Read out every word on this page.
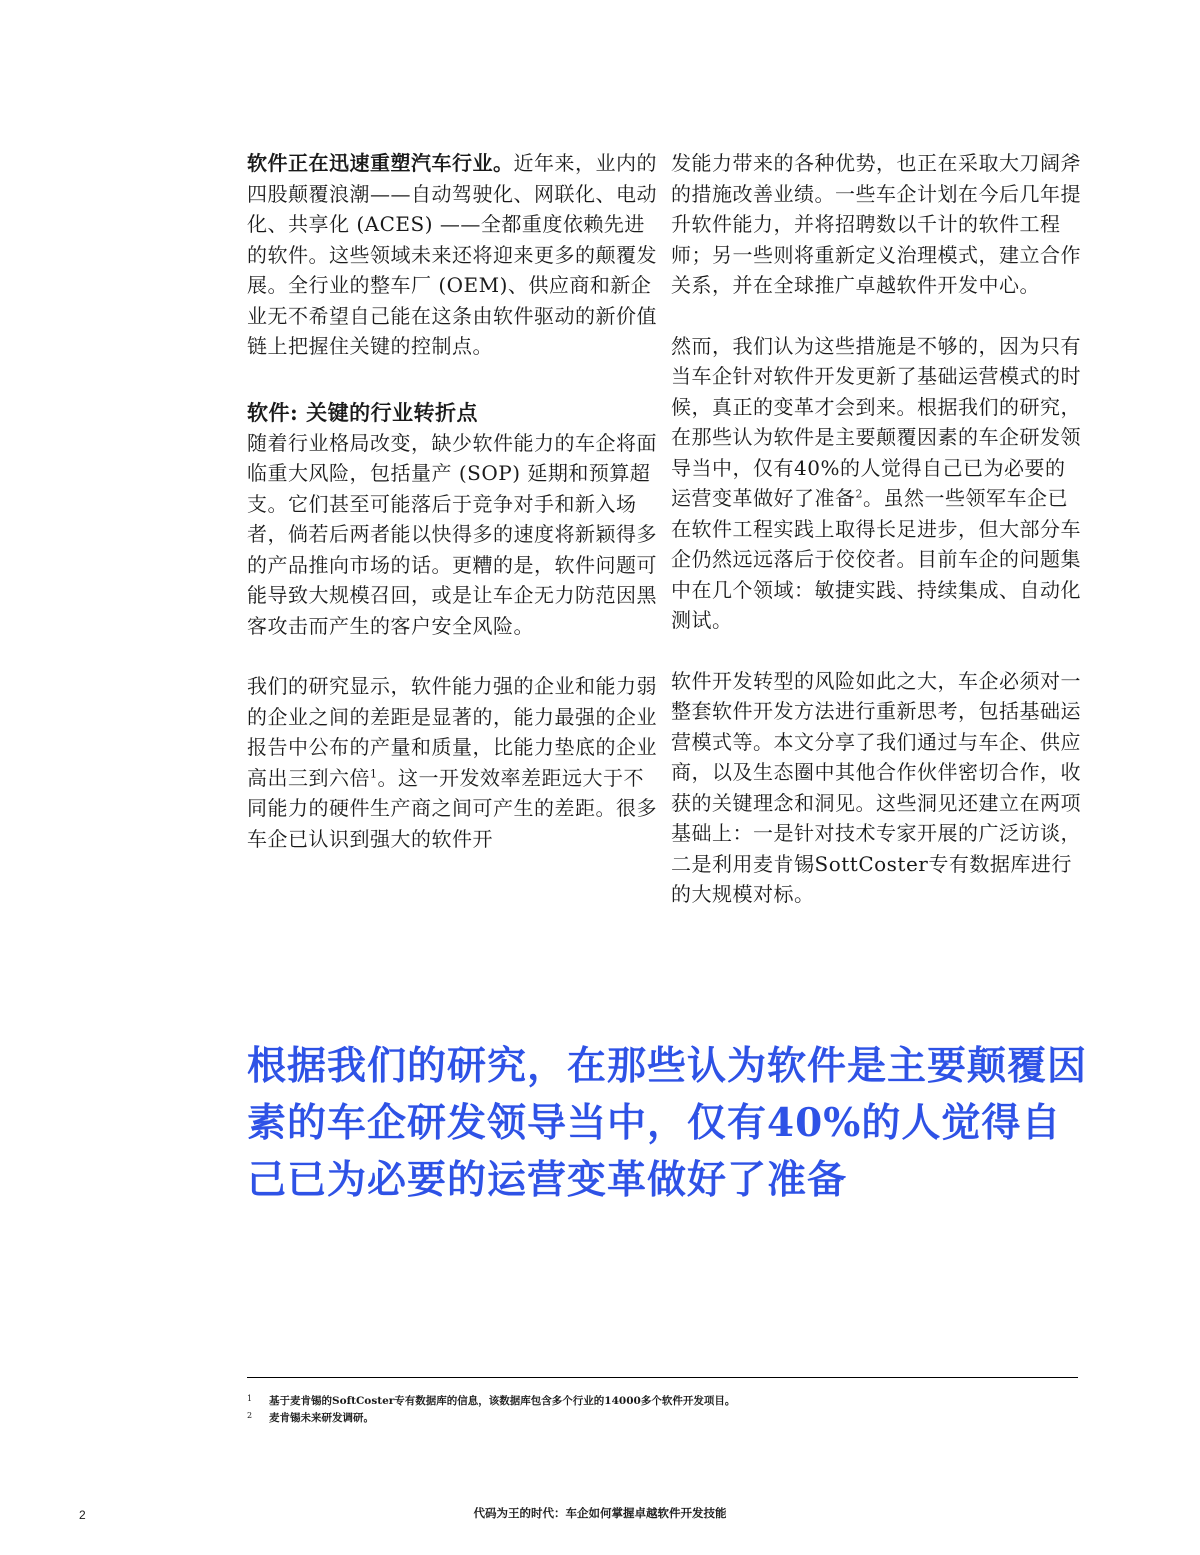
软件正在迅速重塑汽车行业。近年来，业内的四股颠覆浪潮——自动驾驶化、网联化、电动化、共享化 (ACES) ——全都重度依赖先进的软件。这些领域未来还将迎来更多的颠覆发展。全行业的整车厂 (OEM)、供应商和新企业无不希望自己能在这条由软件驱动的新价值链上把握住关键的控制点。

软件: 关键的行业转折点

随着行业格局改变，缺少软件能力的车企将面临重大风险，包括量产 (SOP) 延期和预算超支。它们甚至可能落后于竞争对手和新入场者，倘若后两者能以快得多的速度将新颖得多的产品推向市场的话。更糟的是，软件问题可能导致大规模召回，或是让车企无力防范因黑客攻击而产生的客户安全风险。

我们的研究显示，软件能力强的企业和能力弱的企业之间的差距是显著的，能力最强的企业报告中公布的产量和质量，比能力垫底的企业高出三到六倍$^1$。这一开发效率差距远大于不同能力的硬件生产商之间可产生的差距。很多车企已认识到强大的软件开

发能力带来的各种优势，也正在采取大刀阔斧的措施改善业绩。一些车企计划在今后几年提升软件能力，并将招聘数以千计的软件工程师；另一些则将重新定义治理模式，建立合作关系，并在全球推广卓越软件开发中心。

然而，我们认为这些措施是不够的，因为只有当车企针对软件开发更新了基础运营模式的时候，真正的变革才会到来。根据我们的研究，在那些认为软件是主要颠覆因素的车企研发领导当中，仅有40%的人觉得自己已为必要的运营变革做好了准备$^2$。虽然一些领军车企已在软件工程实践上取得长足进步，但大部分车企仍然远远落后于佼佼者。目前车企的问题集中在几个领域：敏捷实践、持续集成、自动化测试。

软件开发转型的风险如此之大，车企必须对一整套软件开发方法进行重新思考，包括基础运营模式等。本文分享了我们通过与车企、供应商，以及生态圈中其他合作伙伴密切合作，收获的关键理念和洞见。这些洞见还建立在两项基础上：一是针对技术专家开展的广泛访谈，二是利用麦肯锡SottCoster专有数据库进行的大规模对标。

根据我们的研究，在那些认为软件是主要颠覆因素的车企研发领导当中，仅有40%的人觉得自己已为必要的运营变革做好了准备
1 基于麦肯锡的SoftCoster专有数据库的信息，该数据库包含多个行业的14000多个软件开发项目。
2 麦肯锡未来研发调研。
2	代码为王的时代：车企如何掌握卓越软件开发技能
